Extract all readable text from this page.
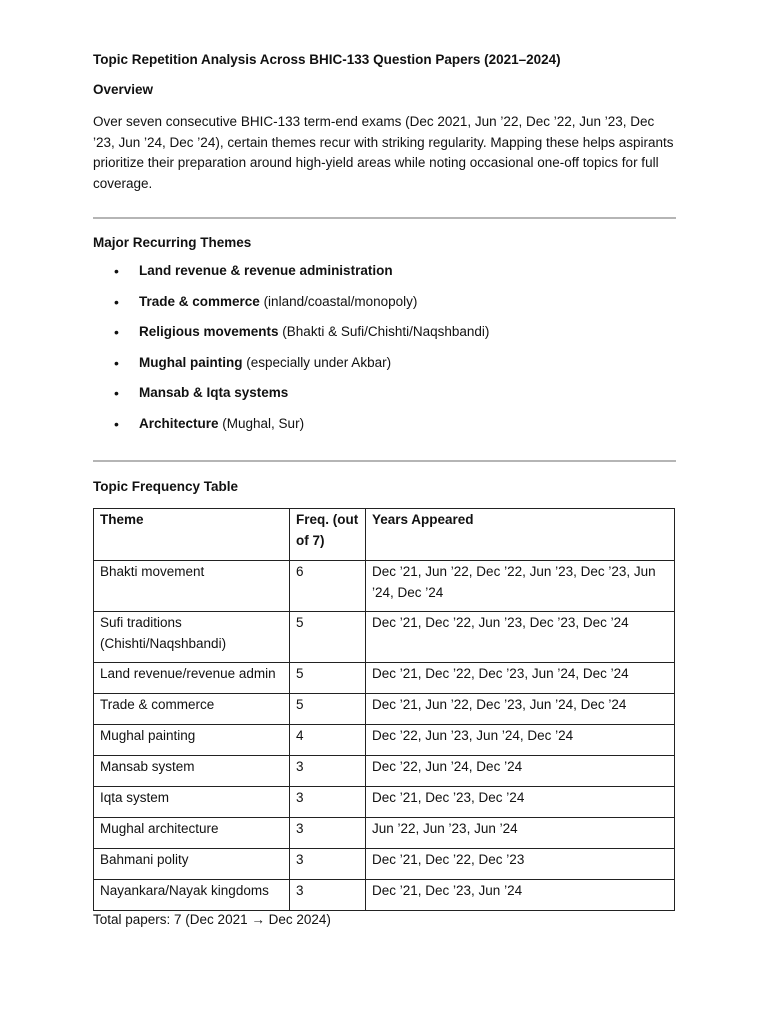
Topic Repetition Analysis Across BHIC-133 Question Papers (2021–2024)
Overview
Over seven consecutive BHIC-133 term-end exams (Dec 2021, Jun ’22, Dec ’22, Jun ’23, Dec ’23, Jun ’24, Dec ’24), certain themes recur with striking regularity. Mapping these helps aspirants prioritize their preparation around high-yield areas while noting occasional one-off topics for full coverage.
Major Recurring Themes
• Land revenue & revenue administration
• Trade & commerce (inland/coastal/monopoly)
• Religious movements (Bhakti & Sufi/Chishti/Naqshbandi)
• Mughal painting (especially under Akbar)
• Mansab & Iqta systems
• Architecture (Mughal, Sur)
Topic Frequency Table
Theme	Freq. (out of 7)	Years Appeared
Bhakti movement	6	Dec ’21, Jun ’22, Dec ’22, Jun ’23, Dec ’23, Jun ’24, Dec ’24
Sufi traditions (Chishti/Naqshbandi)	5	Dec ’21, Dec ’22, Jun ’23, Dec ’23, Dec ’24
Land revenue/revenue admin	5	Dec ’21, Dec ’22, Dec ’23, Jun ’24, Dec ’24
Trade & commerce	5	Dec ’21, Jun ’22, Dec ’23, Jun ’24, Dec ’24
Mughal painting	4	Dec ’22, Jun ’23, Jun ’24, Dec ’24
Mansab system	3	Dec ’22, Jun ’24, Dec ’24
Iqta system	3	Dec ’21, Dec ’23, Dec ’24
Mughal architecture	3	Jun ’22, Jun ’23, Jun ’24
Bahmani polity	3	Dec ’21, Dec ’22, Dec ’23
Nayankara/Nayak kingdoms	3	Dec ’21, Dec ’23, Jun ’24
Total papers: 7 (Dec 2021 → Dec 2024)
